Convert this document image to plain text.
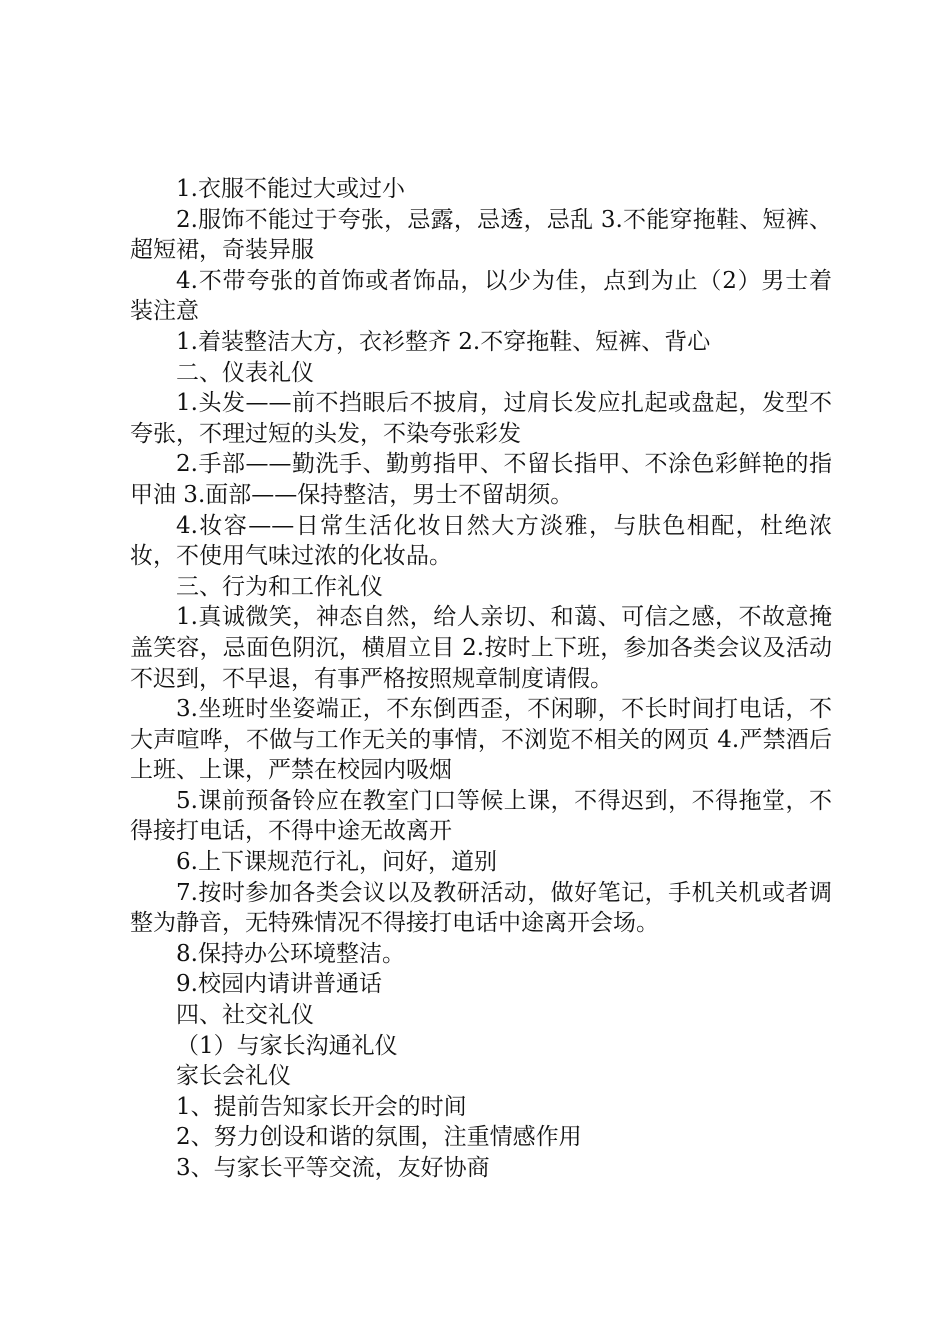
1.衣服不能过大或过小

2.服饰不能过于夸张，忌露，忌透，忌乱 3.不能穿拖鞋、短裤、超短裙，奇装异服

4.不带夸张的首饰或者饰品，以少为佳，点到为止（2）男士着装注意

1.着装整洁大方，衣衫整齐 2.不穿拖鞋、短裤、背心

二、仪表礼仪

1.头发——前不挡眼后不披肩，过肩长发应扎起或盘起，发型不夸张，不理过短的头发，不染夸张彩发

2.手部——勤洗手、勤剪指甲、不留长指甲、不涂色彩鲜艳的指甲油 3.面部——保持整洁，男士不留胡须。

4.妆容——日常生活化妆日然大方淡雅，与肤色相配，杜绝浓妆，不使用气味过浓的化妆品。

三、行为和工作礼仪

1.真诚微笑，神态自然，给人亲切、和蔼、可信之感，不故意掩盖笑容，忌面色阴沉，横眉立目 2.按时上下班，参加各类会议及活动不迟到，不早退，有事严格按照规章制度请假。

3.坐班时坐姿端正，不东倒西歪，不闲聊，不长时间打电话，不大声喧哗，不做与工作无关的事情，不浏览不相关的网页 4.严禁酒后上班、上课，严禁在校园内吸烟

5.课前预备铃应在教室门口等候上课，不得迟到，不得拖堂，不得接打电话，不得中途无故离开

6.上下课规范行礼，问好，道别

7.按时参加各类会议以及教研活动，做好笔记，手机关机或者调整为静音，无特殊情况不得接打电话中途离开会场。

8.保持办公环境整洁。

9.校园内请讲普通话

四、社交礼仪

（1）与家长沟通礼仪

家长会礼仪

1、提前告知家长开会的时间

2、努力创设和谐的氛围，注重情感作用

3、与家长平等交流，友好协商
